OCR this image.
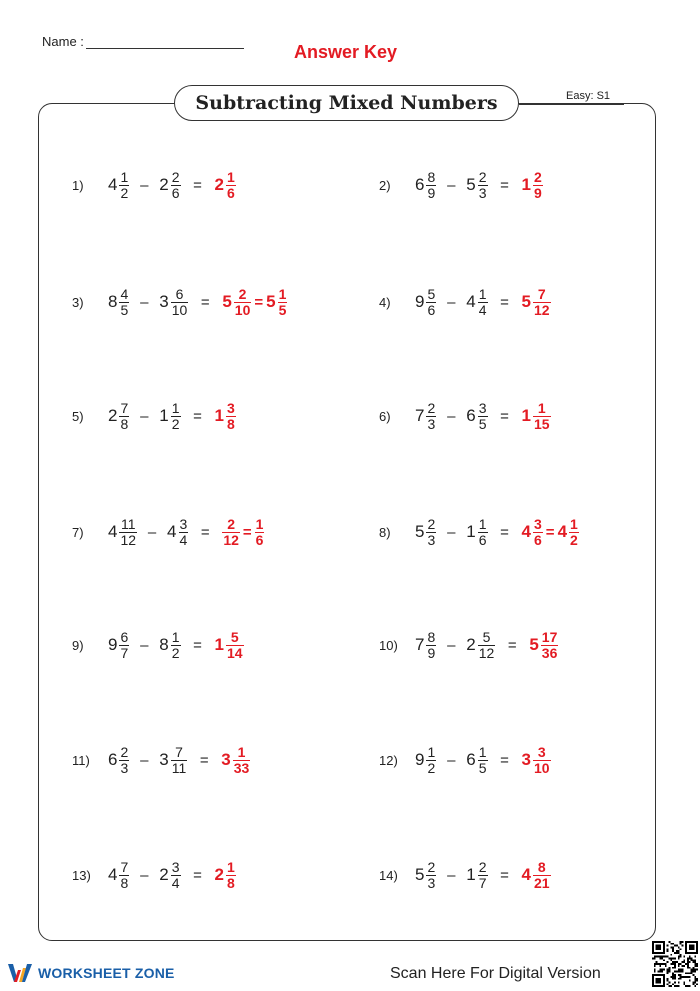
Name :
Answer Key
Easy: S1
Subtracting Mixed Numbers
1)	$4 \frac{1}{2} - 2 \frac{2}{6} = 2 \frac{1}{6}$	2)	$6 \frac{8}{9} - 5 \frac{2}{3} = 1 \frac{2}{9}$
3)	$8 \frac{4}{5} - 3 \frac{6}{10} = 5 \frac{2}{10} = 5 \frac{1}{5}$	4)	$9 \frac{5}{6} - 4 \frac{1}{4} = 5 \frac{7}{12}$
5)	$2 \frac{7}{8} - 1 \frac{1}{2} = 1 \frac{3}{8}$	6)	$7 \frac{2}{3} - 6 \frac{3}{5} = 1 \frac{1}{15}$
7)	$4 \frac{11}{12} - 4 \frac{3}{4} = \frac{2}{12} = \frac{1}{6}$	8)	$5 \frac{2}{3} - 1 \frac{1}{6} = 4 \frac{3}{6} = 4 \frac{1}{2}$
9)	$9 \frac{6}{7} - 8 \frac{1}{2} = 1 \frac{5}{14}$	10)	$7 \frac{8}{9} - 2 \frac{5}{12} = 5 \frac{17}{36}$
11)	$6 \frac{2}{3} - 3 \frac{7}{11} = 3 \frac{1}{33}$	12)	$9 \frac{1}{2} - 6 \frac{1}{5} = 3 \frac{3}{10}$
13)	$4 \frac{7}{8} - 2 \frac{3}{4} = 2 \frac{1}{8}$	14)	$5 \frac{2}{3} - 1 \frac{2}{7} = 4 \frac{8}{21}$
WORKSHEET ZONE	Scan Here For Digital Version
